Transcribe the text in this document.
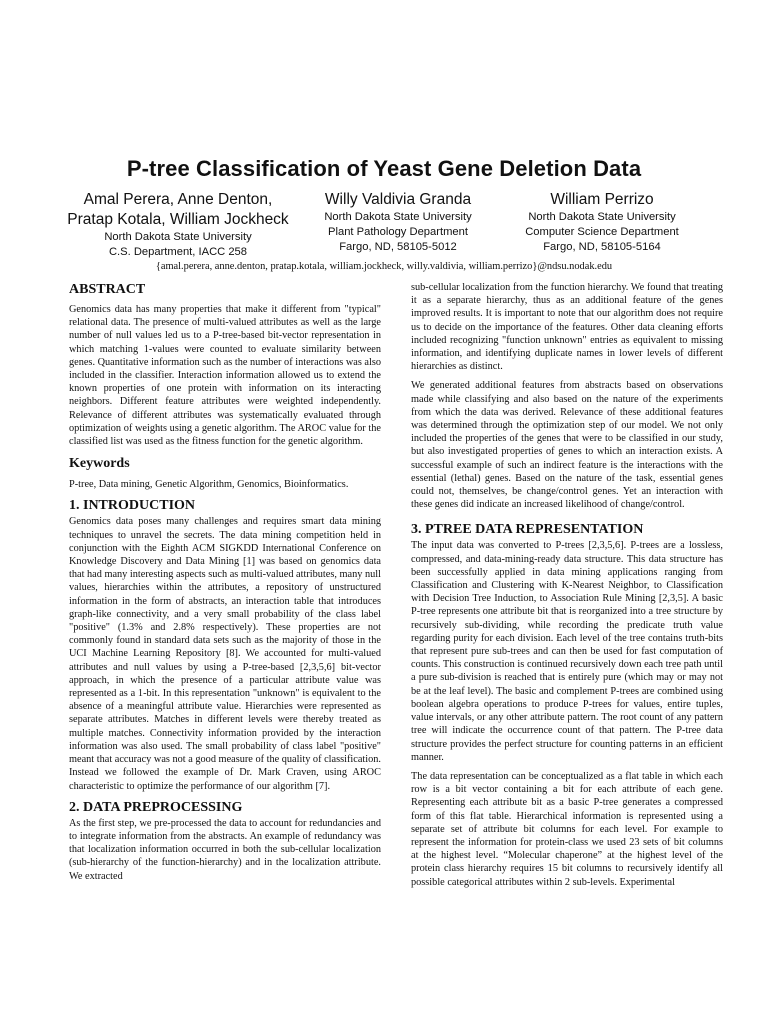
P-tree Classification of Yeast Gene Deletion Data
Amal Perera, Anne Denton,
Pratap Kotala, William Jockheck
North Dakota State University
C.S. Department, IACC 258
Willy Valdivia Granda
North Dakota State University
Plant Pathology Department
Fargo, ND, 58105-5012
William Perrizo
North Dakota State University
Computer Science Department
Fargo, ND, 58105-5164
{amal.perera, anne.denton, pratap.kotala, william.jockheck, willy.valdivia, william.perrizo}@ndsu.nodak.edu
ABSTRACT

Genomics data has many properties that make it different from "typical" relational data. The presence of multi-valued attributes as well as the large number of null values led us to a P-tree-based bit-vector representation in which matching 1-values were counted to evaluate similarity between genes. Quantitative information such as the number of interactions was also included in the classifier. Interaction information allowed us to extend the known properties of one protein with information on its interacting neighbors. Different feature attributes were weighted independently. Relevance of different attributes was systematically evaluated through optimization of weights using a genetic algorithm. The AROC value for the classified list was used as the fitness function for the genetic algorithm.

Keywords

P-tree, Data mining, Genetic Algorithm, Genomics, Bioinformatics.

1. INTRODUCTION

Genomics data poses many challenges and requires smart data mining techniques to unravel the secrets. The data mining competition held in conjunction with the Eighth ACM SIGKDD International Conference on Knowledge Discovery and Data Mining [1] was based on genomics data that had many interesting aspects such as multi-valued attributes, many null values, hierarchies within the attributes, a repository of unstructured information in the form of abstracts, an interaction table that introduces graph-like connectivity, and a very small probability of the class label "positive" (1.3% and 2.8% respectively). These properties are not commonly found in standard data sets such as the majority of those in the UCI Machine Learning Repository [8]. We accounted for multi-valued attributes and null values by using a P-tree-based [2,3,5,6] bit-vector approach, in which the presence of a particular attribute value was represented as a 1-bit. In this representation "unknown" is equivalent to the absence of a meaningful attribute value. Hierarchies were represented as separate attributes. Matches in different levels were thereby treated as multiple matches. Connectivity information provided by the interaction information was also used. The small probability of class label "positive" meant that accuracy was not a good measure of the quality of classification. Instead we followed the example of Dr. Mark Craven, using AROC characteristic to optimize the performance of our algorithm [7].

2. DATA PREPROCESSING

As the first step, we pre-processed the data to account for redundancies and to integrate information from the abstracts. An example of redundancy was that localization information occurred in both the sub-cellular localization (sub-hierarchy of the function-hierarchy) and in the localization attribute. We extracted

sub-cellular localization from the function hierarchy. We found that treating it as a separate hierarchy, thus as an additional feature of the genes improved results. It is important to note that our algorithm does not require us to decide on the importance of the features. Other data cleaning efforts included recognizing "function unknown" entries as equivalent to missing information, and identifying duplicate names in lower levels of different hierarchies as distinct.

We generated additional features from abstracts based on observations made while classifying and also based on the nature of the experiments from which the data was derived. Relevance of these additional features was determined through the optimization step of our model. We not only included the properties of the genes that were to be classified in our study, but also investigated properties of genes to which an interaction exists. A successful example of such an indirect feature is the interactions with the essential (lethal) genes. Based on the nature of the task, essential genes could not, themselves, be change/control genes. Yet an interaction with these genes did indicate an increased likelihood of change/control.

3. PTREE DATA REPRESENTATION

The input data was converted to P-trees [2,3,5,6]. P-trees are a lossless, compressed, and data-mining-ready data structure. This data structure has been successfully applied in data mining applications ranging from Classification and Clustering with K-Nearest Neighbor, to Classification with Decision Tree Induction, to Association Rule Mining [2,3,5]. A basic P-tree represents one attribute bit that is reorganized into a tree structure by recursively sub-dividing, while recording the predicate truth value regarding purity for each division. Each level of the tree contains truth-bits that represent pure sub-trees and can then be used for fast computation of counts. This construction is continued recursively down each tree path until a pure sub-division is reached that is entirely pure (which may or may not be at the leaf level). The basic and complement P-trees are combined using boolean algebra operations to produce P-trees for values, entire tuples, value intervals, or any other attribute pattern. The root count of any pattern tree will indicate the occurrence count of that pattern. The P-tree data structure provides the perfect structure for counting patterns in an efficient manner.

The data representation can be conceptualized as a flat table in which each row is a bit vector containing a bit for each attribute of each gene. Representing each attribute bit as a basic P-tree generates a compressed form of this flat table. Hierarchical information is represented using a separate set of attribute bit columns for each level. For example to represent the information for protein-class we used 23 sets of bit columns at the highest level. “Molecular chaperone” at the highest level of the protein class hierarchy requires 15 bit columns to recursively identify all possible categorical attributes within 2 sub-levels. Experimental
